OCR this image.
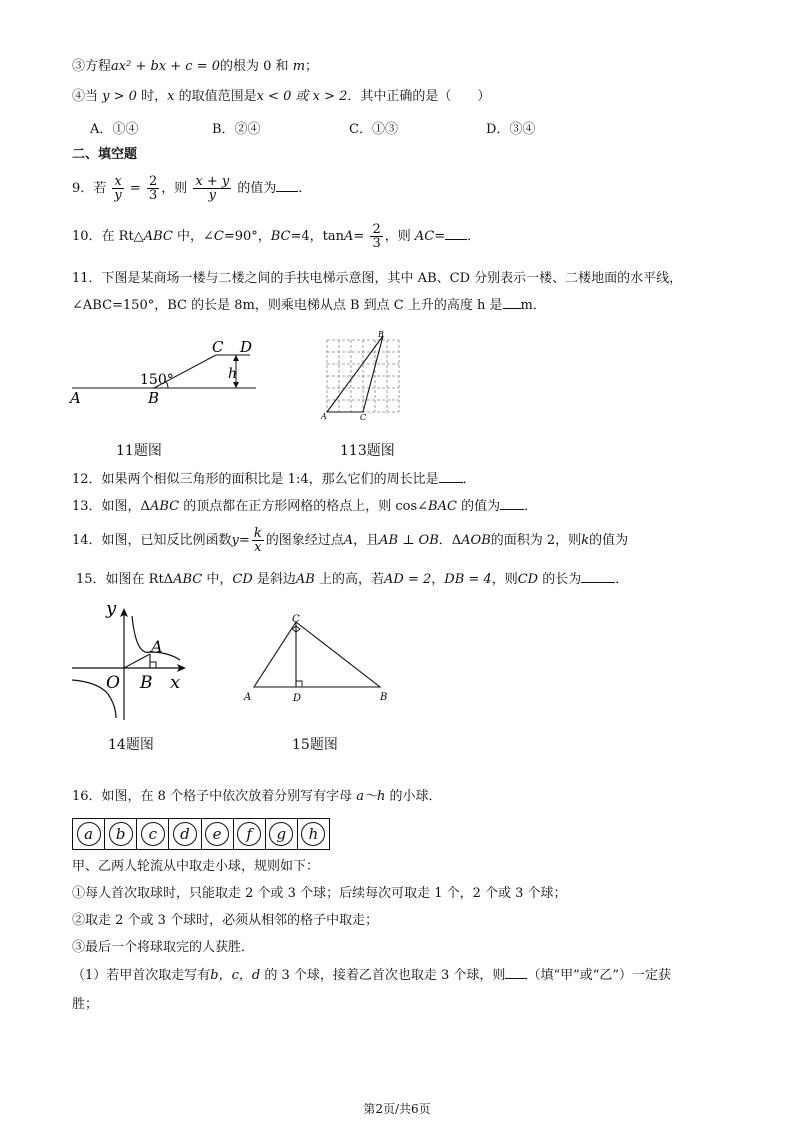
③方程ax² + bx + c = 0的根为 0 和 m；
④当 y > 0 时，x 的取值范围是x < 0 或 x > 2．其中正确的是（　　）
A．①④	B．②④	C．①③	D．③④
二、填空题
9．若 $\frac{x}{y} = \frac{2}{3}$ ，则 $\frac{x + y}{y}$ 的值为 ．
10．在 Rt△ABC 中，∠C=90°，BC=4，$\tan A= \frac{2}{3}$ ，则 AC= ．
11．下图是某商场一楼与二楼之间的手扶电梯示意图，其中 AB、CD 分别表示一楼、二楼地面的水平线，
∠ABC=150°，BC 的长是 8m，则乘电梯从点 B 到点 C 上升的高度 h 是 m．
A	B
C D
h
150°
A
B
C
11题图	113题图
12．如果两个相似三角形的面积比是 1:4，那么它们的周长比是 ．
13．如图，ΔABC 的顶点都在正方形网格的格点上，则 cos∠BAC 的值为 ．
14．如图，已知反比例函数$y= \frac{k}{x}$ 的图象经过点A，且AB ⊥ OB．ΔAOB的面积为 2，则k的值为
15．如图在 RtΔABC 中，CD 是斜边AB 上的高，若AD = 2，DB = 4，则CD 的长为	．
y
x
O
A
B
A	B
C
D
14题图	15题图
16．如图，在 8 个格子中依次放着分别写有字母 a～h 的小球．
a	b	c	d	e	f	g	h
甲、乙两人轮流从中取走小球，规则如下：
①每人首次取球时，只能取走 2 个或 3 个球；后续每次可取走 1 个，2 个或 3 个球；
②取走 2 个或 3 个球时，必须从相邻的格子中取走；
③最后一个将球取完的人获胜．
（1）若甲首次取走写有b，c，d 的 3 个球，接着乙首次也取走 3 个球，则 （填“甲”或“乙”）一定获
胜；
第2页/共6页
